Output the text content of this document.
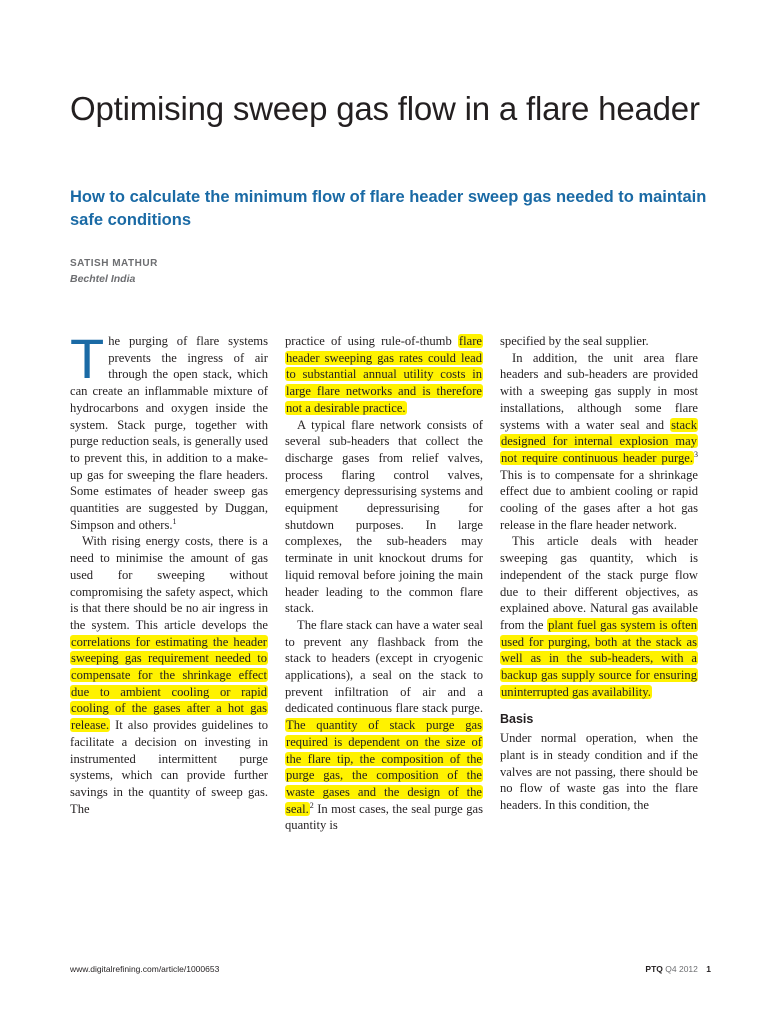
Optimising sweep gas flow in a flare header
How to calculate the minimum flow of flare header sweep gas needed to maintain safe conditions
SATISH MATHUR
Bechtel India

The purging of flare systems prevents the ingress of air through the open stack, which can create an inflammable mixture of hydrocarbons and oxygen inside the system. Stack purge, together with purge reduction seals, is generally used to prevent this, in addition to a make-up gas for sweeping the flare headers. Some estimates of header sweep gas quantities are suggested by Duggan, Simpson and others.$^1$

With rising energy costs, there is a need to minimise the amount of gas used for sweeping without compromising the safety aspect, which is that there should be no air ingress in the system. This article develops the correlations for estimating the header sweeping gas requirement needed to compensate for the shrinkage effect due to ambient cooling or rapid cooling of the gases after a hot gas release. It also provides guidelines to facilitate a decision on investing in instrumented intermittent purge systems, which can provide further savings in the quantity of sweep gas. The

practice of using rule-of-thumb flare header sweeping gas rates could lead to substantial annual utility costs in large flare networks and is therefore not a desirable practice.

A typical flare network consists of several sub-headers that collect the discharge gases from relief valves, process flaring control valves, emergency depressurising systems and equipment depressurising for shutdown purposes. In large complexes, the sub-headers may terminate in unit knockout drums for liquid removal before joining the main header leading to the common flare stack.

The flare stack can have a water seal to prevent any flashback from the stack to headers (except in cryogenic applications), a seal on the stack to prevent infiltration of air and a dedicated continuous flare stack purge. The quantity of stack purge gas required is dependent on the size of the flare tip, the composition of the purge gas, the composition of the waste gases and the design of the seal.$^2$ In most cases, the seal purge gas quantity is

specified by the seal supplier.

In addition, the unit area flare headers and sub-headers are provided with a sweeping gas supply in most installations, although some flare systems with a water seal and stack designed for internal explosion may not require continuous header purge.$^3$ This is to compensate for a shrinkage effect due to ambient cooling or rapid cooling of the gases after a hot gas release in the flare header network.

This article deals with header sweeping gas quantity, which is independent of the stack purge flow due to their different objectives, as explained above. Natural gas available from the plant fuel gas system is often used for purging, both at the stack as well as in the sub-headers, with a backup gas supply source for ensuring uninterrupted gas availability.

Basis

Under normal operation, when the plant is in steady condition and if the valves are not passing, there should be no flow of waste gas into the flare headers. In this condition, the

www.digitalrefining.com/article/1000653	PTQ Q4 2012 1
